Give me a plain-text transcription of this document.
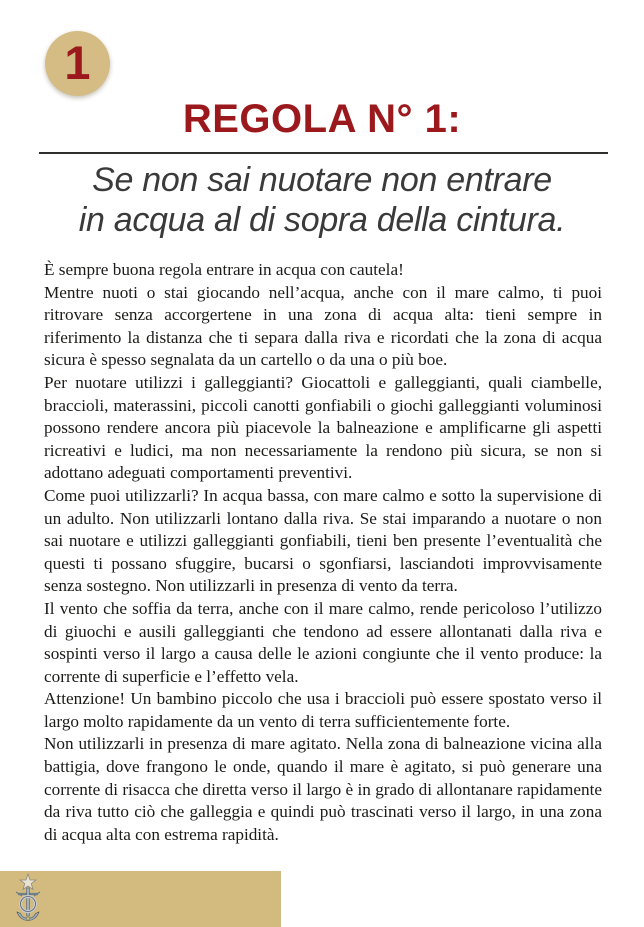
1
REGOLA N° 1:
Se non sai nuotare non entrare
in acqua al di sopra della cintura.

È sempre buona regola entrare in acqua con cautela!

Mentre nuoti o stai giocando nell’acqua, anche con il mare calmo, ti puoi ritrovare senza accorgertene in una zona di acqua alta: tieni sempre in riferimento la distanza che ti separa dalla riva e ricordati che la zona di acqua sicura è spesso segnalata da un cartello o da una o più boe.

Per nuotare utilizzi i galleggianti? Giocattoli e galleggianti, quali ciambelle, braccioli, materassini, piccoli canotti gonfiabili o giochi galleggianti voluminosi possono rendere ancora più piacevole la balneazione e amplificarne gli aspetti ricreativi e ludici, ma non necessariamente la rendono più sicura, se non si adottano adeguati comportamenti preventivi.

Come puoi utilizzarli? In acqua bassa, con mare calmo e sotto la supervisione di un adulto. Non utilizzarli lontano dalla riva. Se stai imparando a nuotare o non sai nuotare e utilizzi galleggianti gonfiabili, tieni ben presente l’eventualità che questi ti possano sfuggire, bucarsi o sgonfiarsi, lasciandoti improvvisamente senza sostegno. Non utilizzarli in presenza di vento da terra.

Il vento che soffia da terra, anche con il mare calmo, rende pericoloso l’utilizzo di giuochi e ausili galleggianti che tendono ad essere allontanati dalla riva e sospinti verso il largo a causa delle le azioni congiunte che il vento produce: la corrente di superficie e l’effetto vela.

Attenzione! Un bambino piccolo che usa i braccioli può essere spostato verso il largo molto rapidamente da un vento di terra sufficientemente forte.

Non utilizzarli in presenza di mare agitato. Nella zona di balneazione vicina alla battigia, dove frangono le onde, quando il mare è agitato, si può generare una corrente di risacca che diretta verso il largo è in grado di allontanare rapidamente da riva tutto ciò che galleggia e quindi può trascinati verso il largo, in una zona di acqua alta con estrema rapidità.
